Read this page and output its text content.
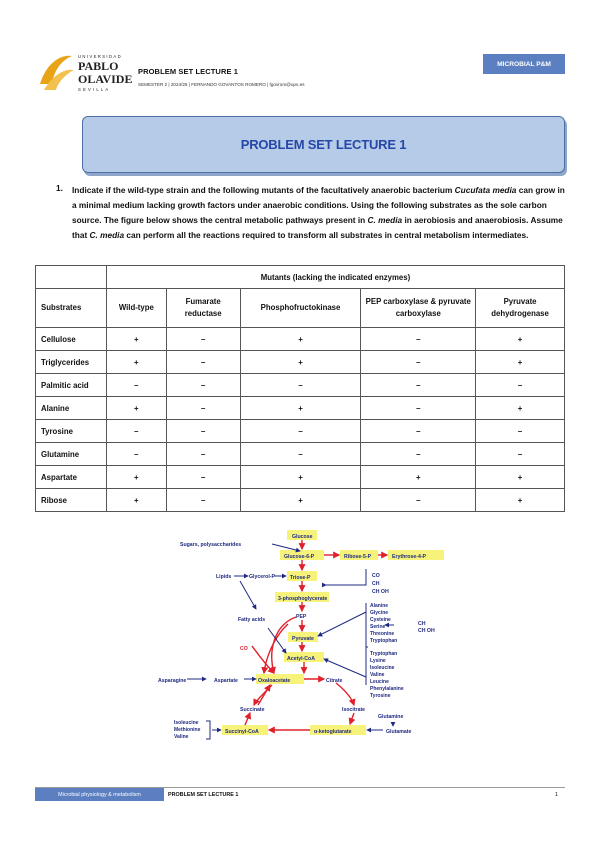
UNIVERSIDAD
PABLO
OLAVIDE
SEVILLA
PROBLEM SET LECTURE 1
SEMESTER 2 | 2024/25 | FERNANDO GOVANTOS ROMERO | fgovrom@upo.es
MICROBIAL P&M
PROBLEM SET LECTURE 1
1. Indicate if the wild-type strain and the following mutants of the facultatively anaerobic bacterium Cucufata media can grow in a minimal medium lacking growth factors under anaerobic conditions. Using the following substrates as the sole carbon source. The figure below shows the central metabolic pathways present in C. media in aerobiosis and anaerobiosis. Assume that C. media can perform all the reactions required to transform all substrates in central metabolism intermediates.
	Mutants (lacking the indicated enzymes)				
Substrates	Wild-type	Fumarate reductase	Phosphofructokinase	PEP carboxylase & pyruvate carboxylase	Pyruvate dehydrogenase
Cellulose	+	–	+	–	+
Triglycerides	+	–	+	–	+
Palmitic acid	–	–	–	–	–
Alanine	+	–	+	–	+
Tyrosine	–	–	–	–	–
Glutamine	–	–	–	–	–
Aspartate	+	–	+	+	+
Ribose	+	–	+	–	+
Glucose
Sugars, polysaccharides
Glucose-6-P	Ribose-5-P	Erythrose-4-P
Lipids	Glycerol-P	Triose-P	CO
CH
CH OH
3-phosphoglycerate
Fatty acids	PEP
Pyruvate
CO
Acetyl-CoA
Asparagine	Aspartate	Oxaloacetate	Citrate
Succinate	Isocitrate
Succinyl-CoA	α-ketoglutarate
Glutamine
Glutamate
CH
CH OH
Alanine
Glycine
Cysteine
Serine
Threonine
Tryptophan
Tryptophan
Lysine
Isoleucine
Valine
Leucine
Phenylalanine
Tyrosine
Isoleucine
Methionine
Valine
Microbial physiology & metabolism	PROBLEM SET LECTURE 1	1
